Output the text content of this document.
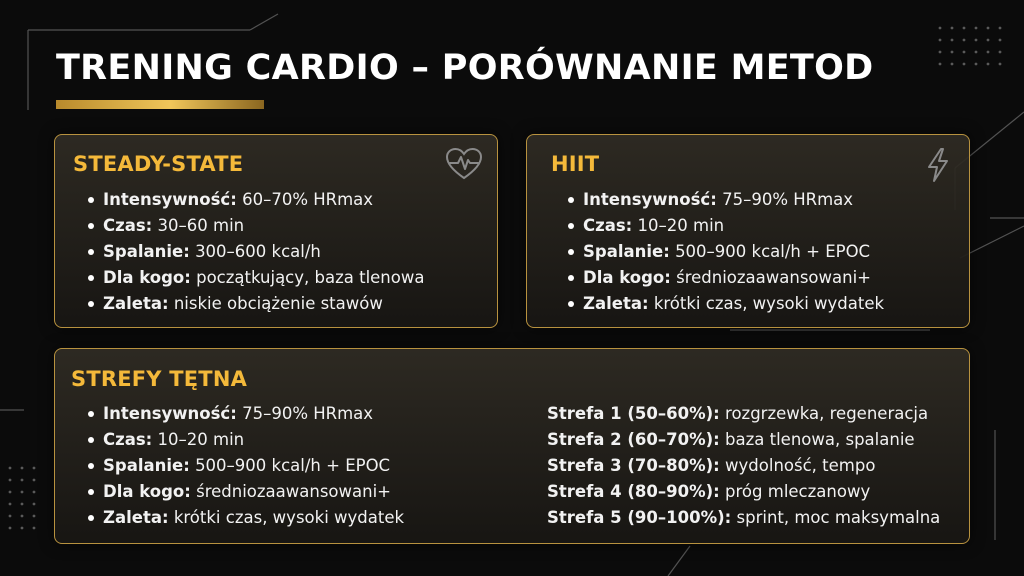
TRENING CARDIO – PORÓWNANIE METOD
STEADY-STATE
Intensywność: 60–70% HRmax
Czas: 30–60 min
Spalanie: 300–600 kcal/h
Dla kogo: początkujący, baza tlenowa
Zaleta: niskie obciążenie stawów
HIIT
Intensywność: 75–90% HRmax
Czas: 10–20 min
Spalanie: 500–900 kcal/h + EPOC
Dla kogo: średniozaawansowani+
Zaleta: krótki czas, wysoki wydatek
STREFY TĘTNA
Intensywność: 75–90% HRmax
Czas: 10–20 min
Spalanie: 500–900 kcal/h + EPOC
Dla kogo: średniozaawansowani+
Zaleta: krótki czas, wysoki wydatek
Strefa 1 (50–60%): rozgrzewka, regeneracja
Strefa 2 (60–70%): baza tlenowa, spalanie
Strefa 3 (70–80%): wydolność, tempo
Strefa 4 (80–90%): próg mleczanowy
Strefa 5 (90–100%): sprint, moc maksymalna
